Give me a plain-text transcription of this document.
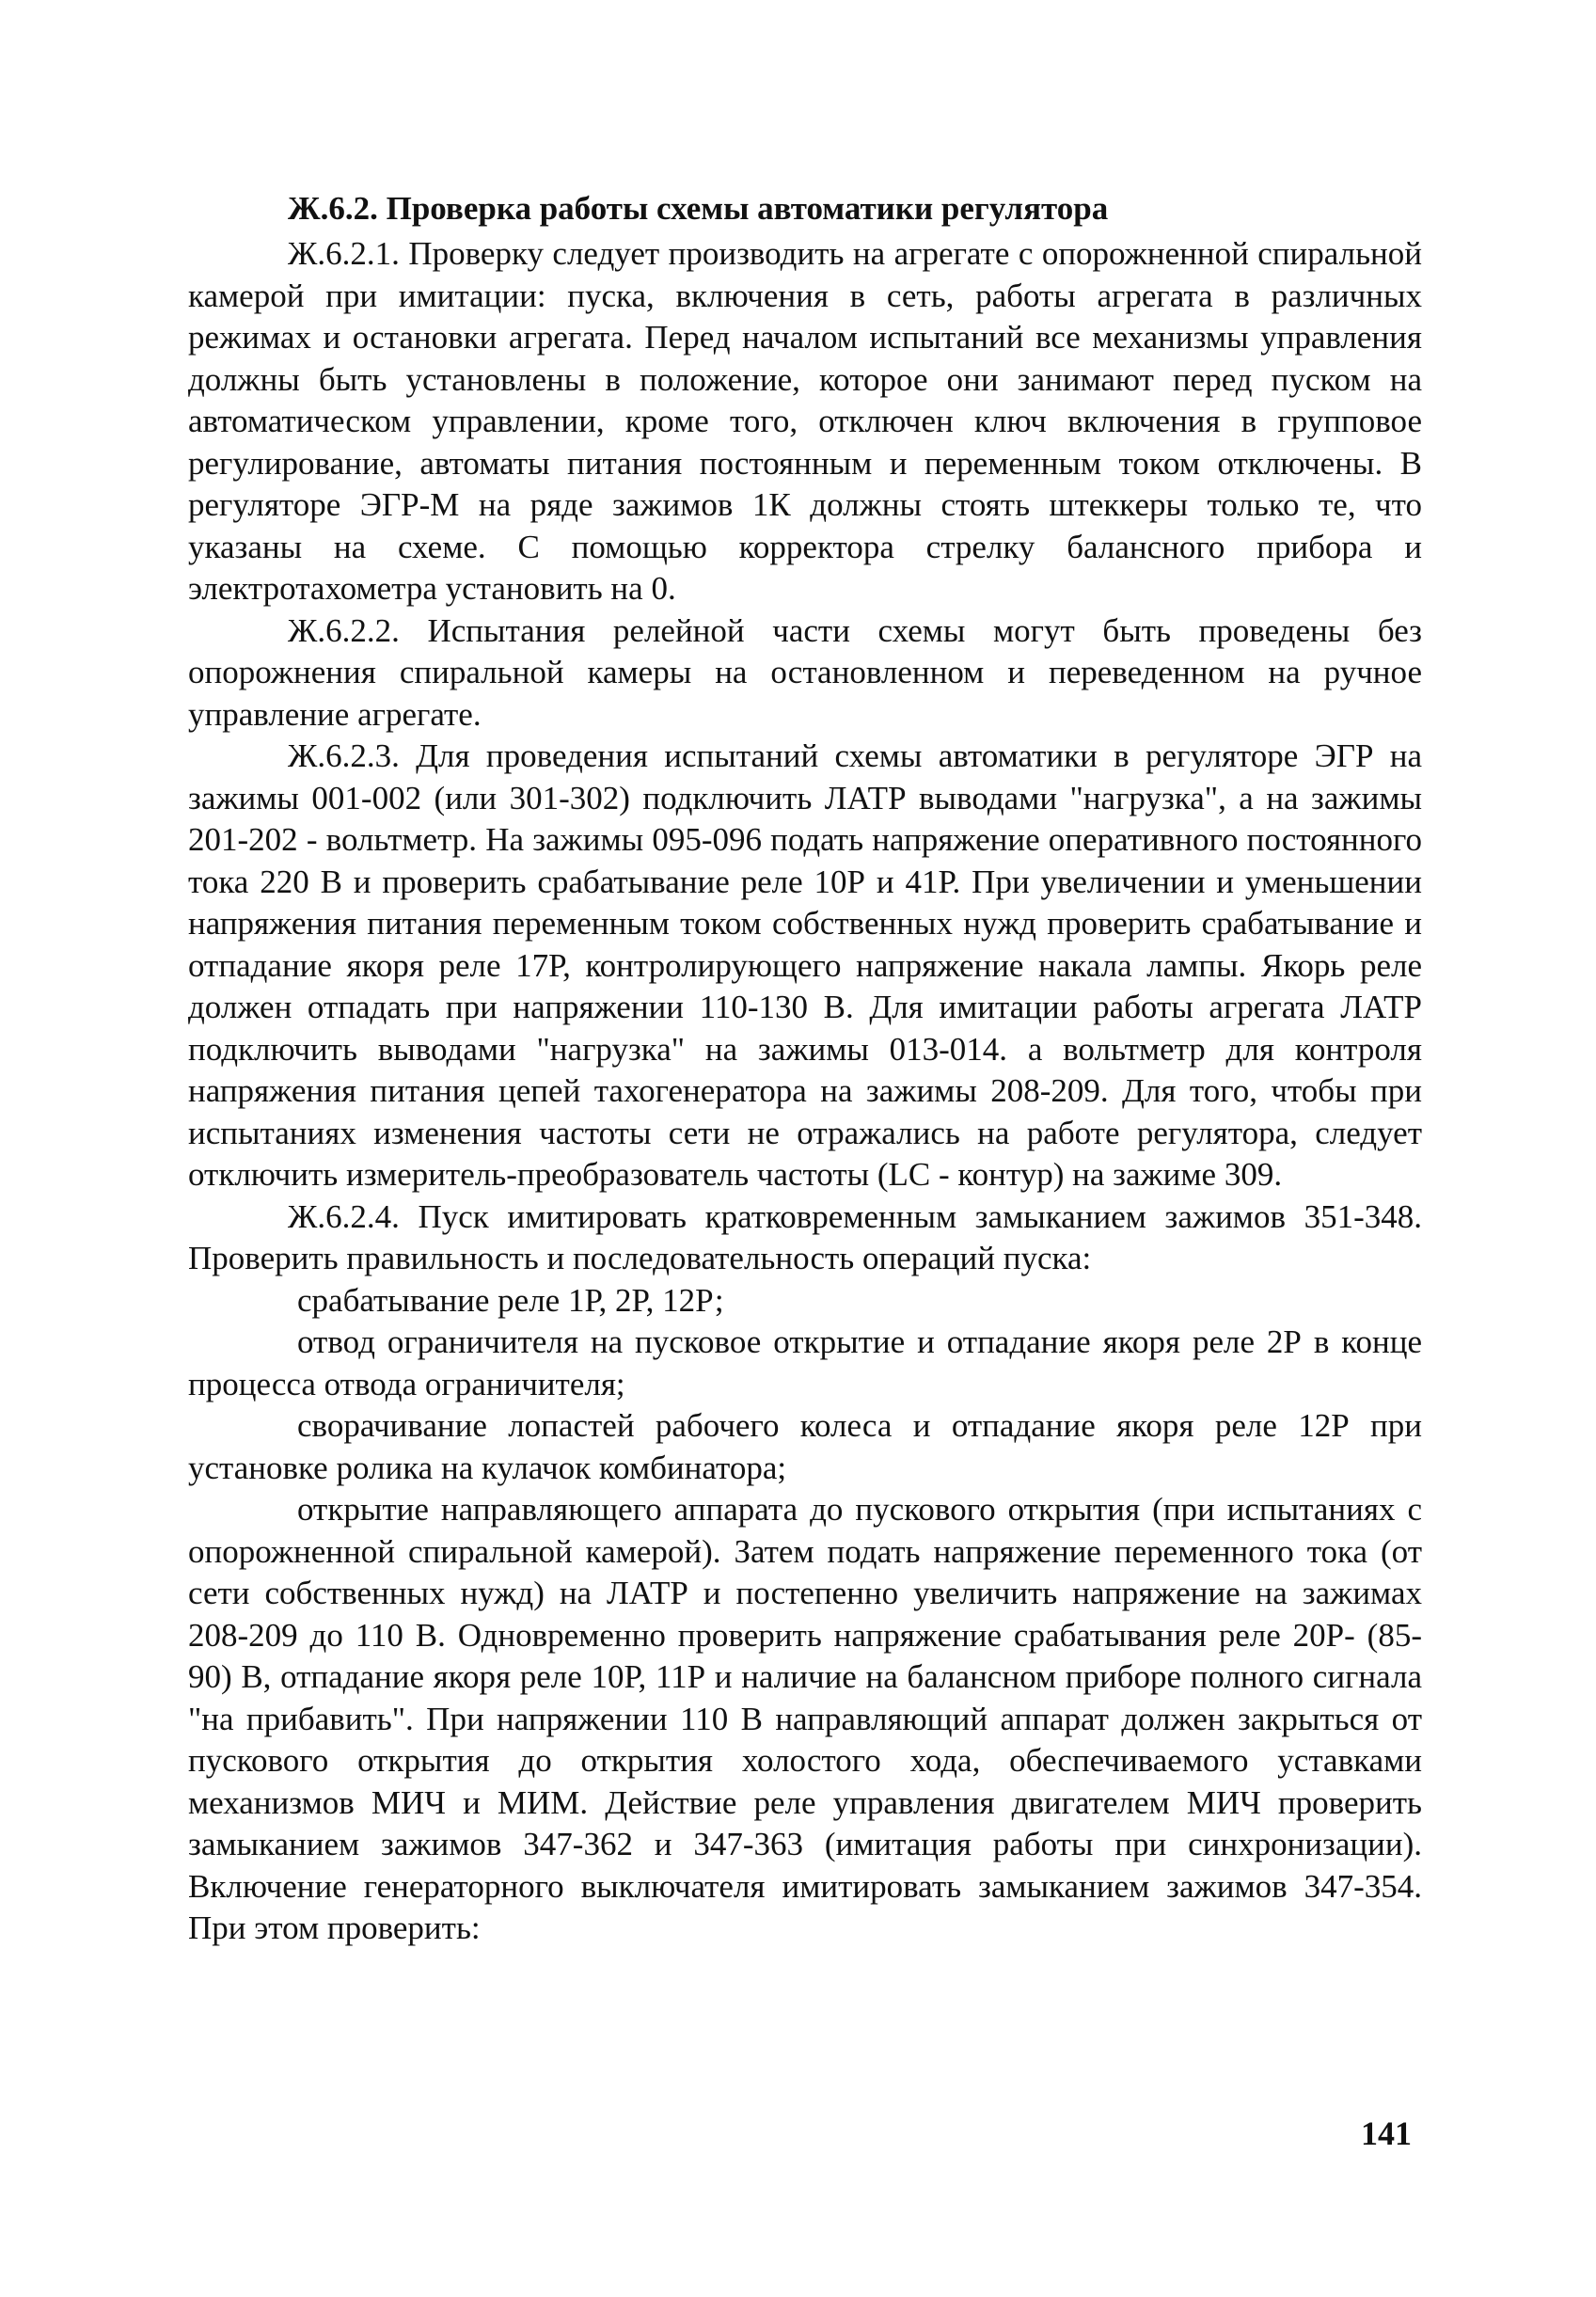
Ж.6.2. Проверка работы схемы автоматики регулятора

Ж.6.2.1. Проверку следует производить на агрегате с опорожненной спиральной камерой при имитации: пуска, включения в сеть, работы агрегата в различных режимах и остановки агрегата. Перед началом испытаний все механизмы управления должны быть установлены в положение, которое они занимают перед пуском на автоматическом управлении, кроме того, отключен ключ включения в групповое регулирование, автоматы питания постоянным и переменным током отключены. В регуляторе ЭГР-М на ряде зажимов 1К должны стоять штеккеры только те, что указаны на схеме. С помощью корректора стрелку балансного прибора и электротахометра установить на 0.

Ж.6.2.2. Испытания релейной части схемы могут быть проведены без опорожнения спиральной камеры на остановленном и переведенном на ручное управление агрегате.

Ж.6.2.3. Для проведения испытаний схемы автоматики в регуляторе ЭГР на зажимы 001-002 (или 301-302) подключить ЛАТР выводами "нагрузка", а на зажимы 201-202 - вольтметр. На зажимы 095-096 подать напряжение оперативного постоянного тока 220 В и проверить срабатывание реле 10Р и 41Р. При увеличении и уменьшении напряжения питания переменным током собственных нужд проверить срабатывание и отпадание якоря реле 17Р, контролирующего напряжение накала лампы. Якорь реле должен отпадать при напряжении 110-130 В. Для имитации работы агрегата ЛАТР подключить выводами "нагрузка" на зажимы 013-014. а вольтметр для контроля напряжения питания цепей тахогенератора на зажимы 208-209. Для того, чтобы при испытаниях изменения частоты сети не отражались на работе регулятора, следует отключить измеритель-преобразователь частоты (LC - контур) на зажиме 309.

Ж.6.2.4. Пуск имитировать кратковременным замыканием зажимов 351-348. Проверить правильность и последовательность операций пуска:

срабатывание реле 1Р, 2Р, 12Р;

отвод ограничителя на пусковое открытие и отпадание якоря реле 2Р в конце процесса отвода ограничителя;

сворачивание лопастей рабочего колеса и отпадание якоря реле 12Р при установке ролика на кулачок комбинатора;

открытие направляющего аппарата до пускового открытия (при испытаниях с опорожненной спиральной камерой). Затем подать напряжение переменного тока (от сети собственных нужд) на ЛАТР и постепенно увеличить напряжение на зажимах 208-209 до 110 В. Одновременно проверить напряжение срабатывания реле 20Р- (85-90) В, отпадание якоря реле 10Р, 11Р и наличие на балансном приборе полного сигнала "на прибавить". При напряжении 110 В направляющий аппарат должен закрыться от пускового открытия до открытия холостого хода, обеспечиваемого уставками механизмов МИЧ и МИМ. Действие реле управления двигателем МИЧ проверить замыканием зажимов 347-362 и 347-363 (имитация работы при синхронизации). Включение генераторного выключателя имитировать замыканием зажимов 347-354. При этом проверить:

141
